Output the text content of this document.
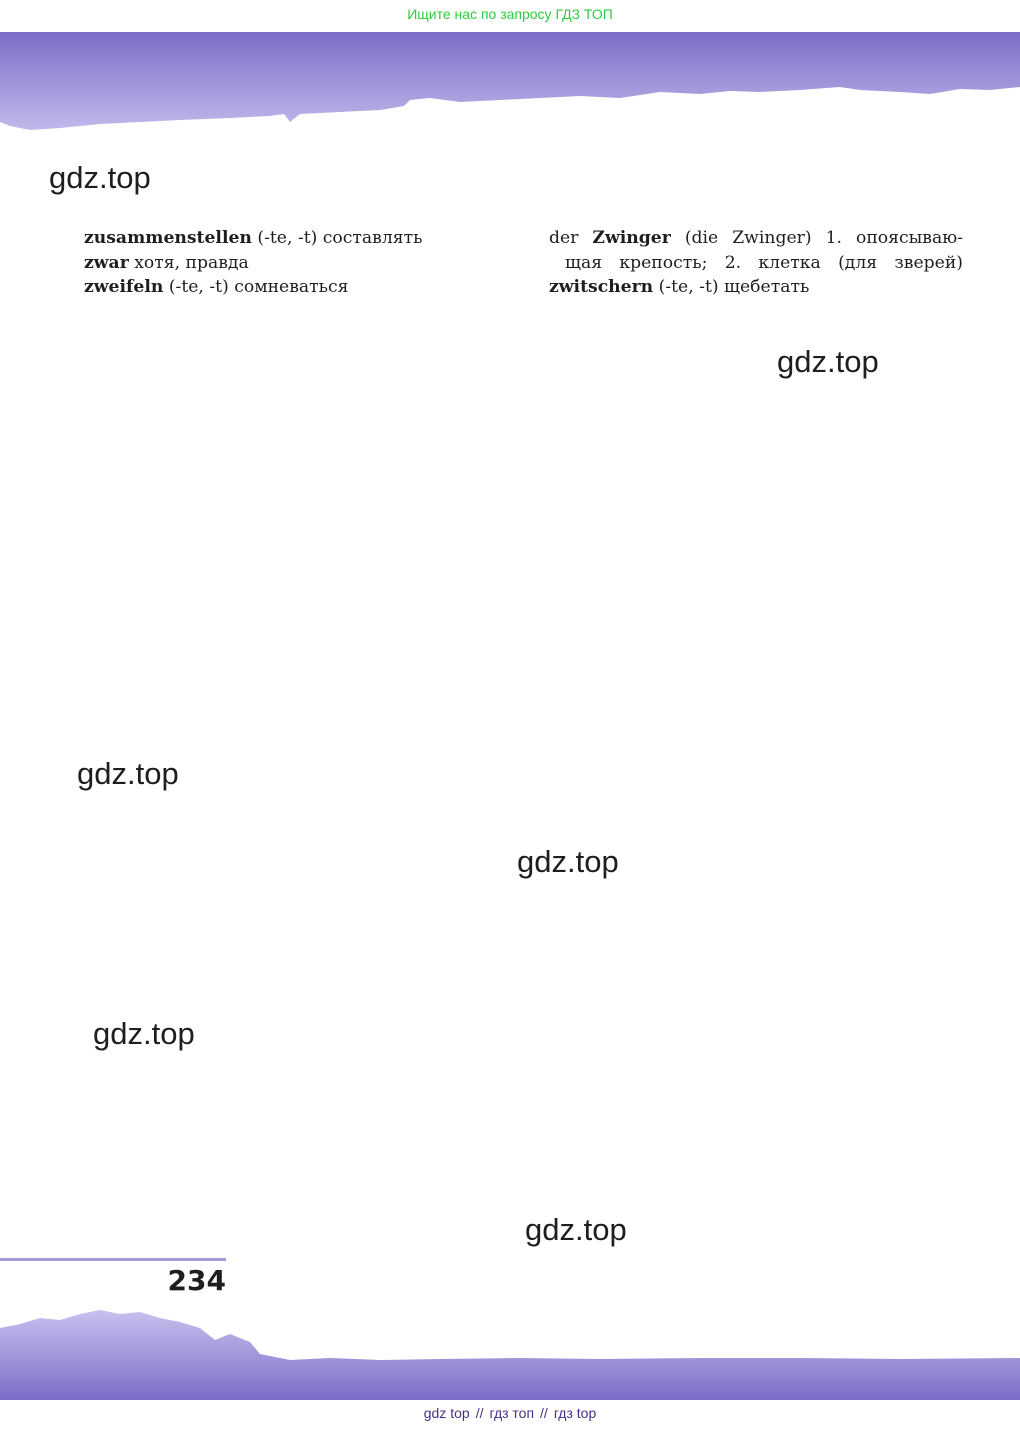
Ищите нас по запросу ГДЗ ТОП
gdz.top
gdz.top
gdz.top
gdz.top
gdz.top
gdz.top
zusammenstellen (-te, -t) составлять
zwar хотя, правда
zweifeln (-te, -t) сомневаться
der Zwinger (die Zwinger) 1. опоясываю-
щая крепость; 2. клетка (для зверей)
zwitschern (-te, -t) щебетать
234
gdz top // гдз топ // гдз top
